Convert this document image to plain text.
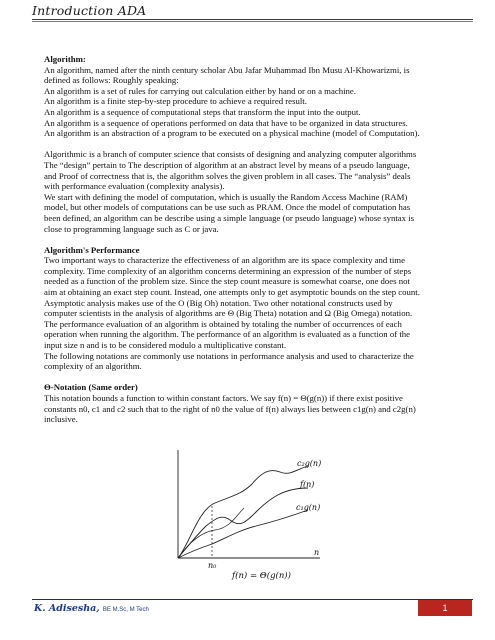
Introduction ADA

Algorithm:

An algorithm, named after the ninth century scholar Abu Jafar Muhammad Ibn Musu Al-Khowarizmi, is

defined as follows: Roughly speaking:

An algorithm is a set of rules for carrying out calculation either by hand or on a machine.

An algorithm is a finite step-by-step procedure to achieve a required result.

An algorithm is a sequence of computational steps that transform the input into the output.

An algorithm is a sequence of operations performed on data that have to be organized in data structures.

An algorithm is an abstraction of a program to be executed on a physical machine (model of Computation).

Algorithmic is a branch of computer science that consists of designing and analyzing computer algorithms

The “design” pertain to The description of algorithm at an abstract level by means of a pseudo language,

and Proof of correctness that is, the algorithm solves the given problem in all cases. The “analysis” deals

with performance evaluation (complexity analysis).

We start with defining the model of computation, which is usually the Random Access Machine (RAM)

model, but other models of computations can be use such as PRAM. Once the model of computation has

been defined, an algorithm can be describe using a simple language (or pseudo language) whose syntax is

close to programming language such as C or java.

Algorithm's Performance

Two important ways to characterize the effectiveness of an algorithm are its space complexity and time

complexity. Time complexity of an algorithm concerns determining an expression of the number of steps

needed as a function of the problem size. Since the step count measure is somewhat coarse, one does not

aim at obtaining an exact step count. Instead, one attempts only to get asymptotic bounds on the step count.

Asymptotic analysis makes use of the O (Big Oh) notation. Two other notational constructs used by

computer scientists in the analysis of algorithms are Θ (Big Theta) notation and Ω (Big Omega) notation.

The performance evaluation of an algorithm is obtained by totaling the number of occurrences of each

operation when running the algorithm. The performance of an algorithm is evaluated as a function of the

input size n and is to be considered modulo a multiplicative constant.

The following notations are commonly use notations in performance analysis and used to characterize the

complexity of an algorithm.

Θ-Notation (Same order)

This notation bounds a function to within constant factors. We say f(n) = Θ(g(n)) if there exist positive

constants n0, c1 and c2 such that to the right of n0 the value of f(n) always lies between c1g(n) and c2g(n)

inclusive.

c₂g(n)
f(n)
c₁g(n)
n
n₀
f(n) = Θ(g(n))
K. Adisesha, BE M.Sc, M Tech	1
